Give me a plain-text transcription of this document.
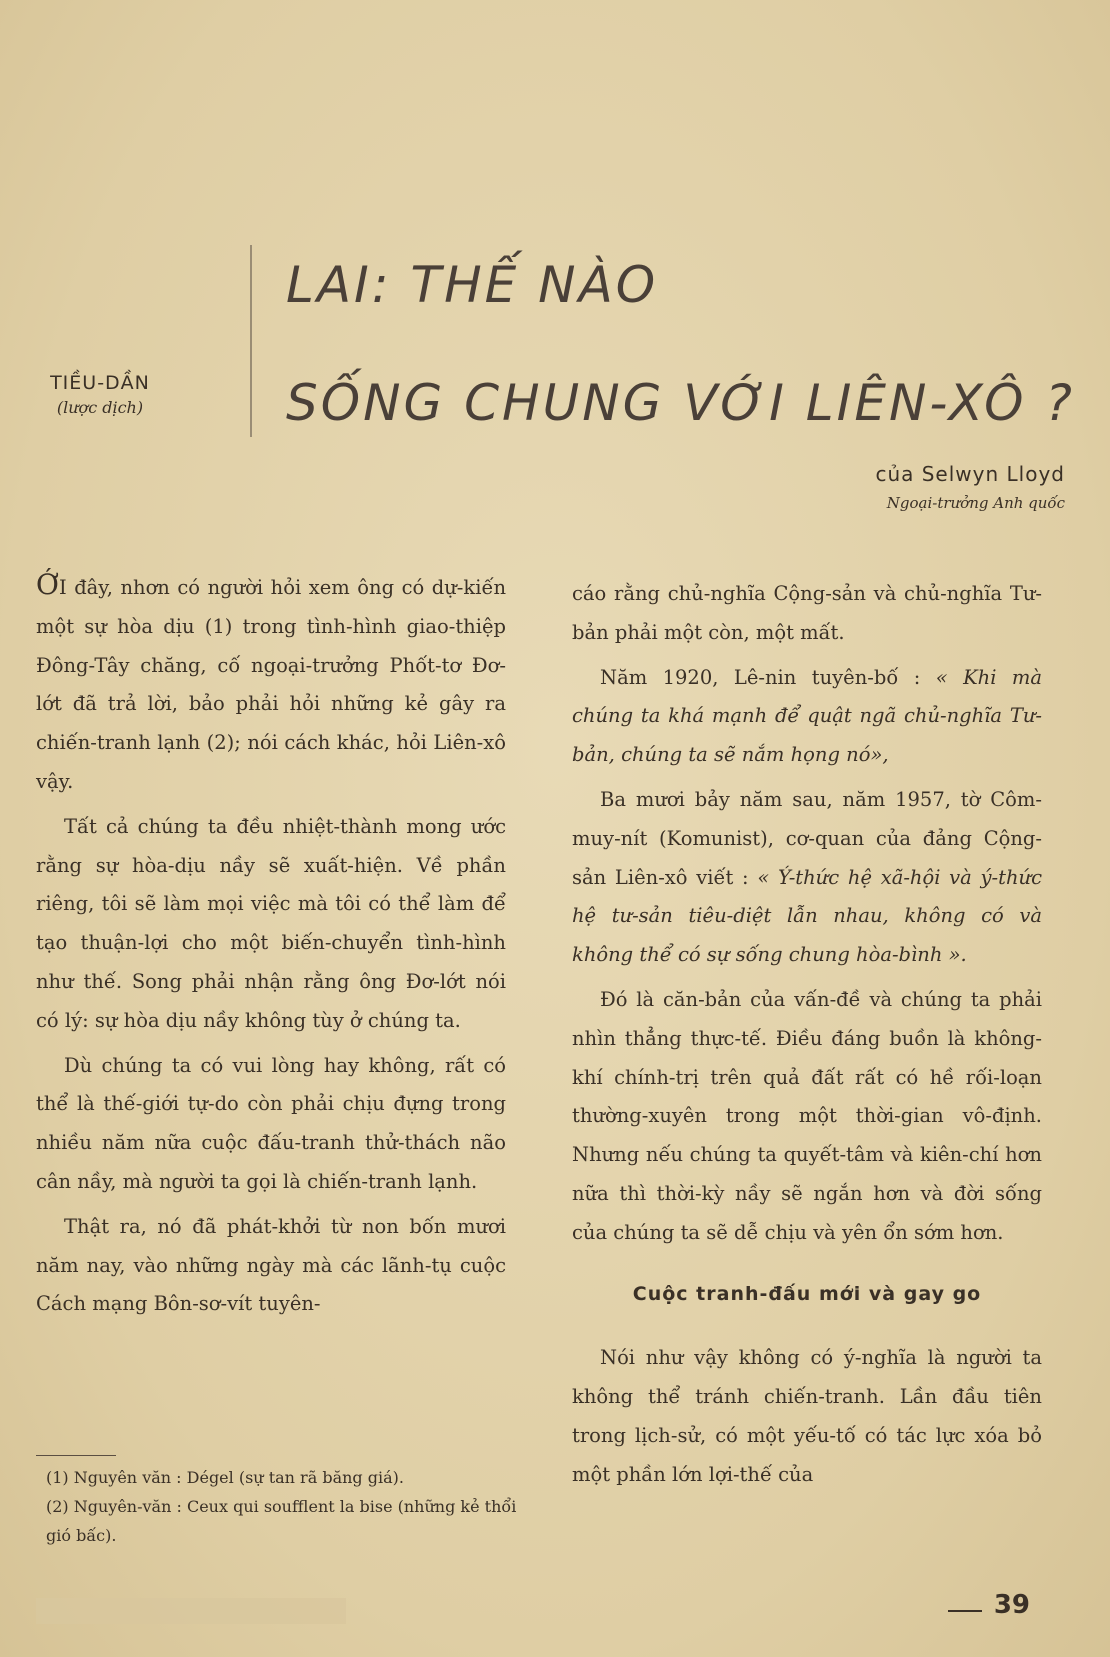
TIỀU-DẦN
(lược dịch)
LAI: THẾ NÀO
SỐNG CHUNG VỚI LIÊN-XÔ ?
của Selwyn Lloyd
Ngoại-trưởng Anh quốc

ỚI đây, nhơn có người hỏi xem ông có dự-kiến một sự hòa dịu (1) trong tình-hình giao-thiệp Đông-Tây chăng, cố ngoại-trưởng Phốt-tơ Đơ-lớt đã trả lời, bảo phải hỏi những kẻ gây ra chiến-tranh lạnh (2); nói cách khác, hỏi Liên-xô vậy.

Tất cả chúng ta đều nhiệt-thành mong ước rằng sự hòa-dịu nầy sẽ xuất-hiện. Về phần riêng, tôi sẽ làm mọi việc mà tôi có thể làm để tạo thuận-lợi cho một biến-chuyển tình-hình như thế. Song phải nhận rằng ông Đơ-lớt nói có lý: sự hòa dịu nầy không tùy ở chúng ta.

Dù chúng ta có vui lòng hay không, rất có thể là thế-giới tự-do còn phải chịu đựng trong nhiều năm nữa cuộc đấu-tranh thử-thách não cân nầy, mà người ta gọi là chiến-tranh lạnh.

Thật ra, nó đã phát-khởi từ non bốn mươi năm nay, vào những ngày mà các lãnh-tụ cuộc Cách mạng Bôn-sơ-vít tuyên-

(1) Nguyên văn : Dégel (sự tan rã băng giá).
(2) Nguyên-văn : Ceux qui soufflent la bise (những kẻ thổi gió bấc).

cáo rằng chủ-nghĩa Cộng-sản và chủ-nghĩa Tư-bản phải một còn, một mất.

Năm 1920, Lê-nin tuyên-bố : « Khi mà chúng ta khá mạnh để quật ngã chủ-nghĩa Tư-bản, chúng ta sẽ nắm họng nó»,

Ba mươi bảy năm sau, năm 1957, tờ Côm-muy-nít (Komunist), cơ-quan của đảng Cộng-sản Liên-xô viết : « Ý-thức hệ xã-hội và ý-thức hệ tư-sản tiêu-diệt lẫn nhau, không có và không thể có sự sống chung hòa-bình ».

Đó là căn-bản của vấn-đề và chúng ta phải nhìn thẳng thực-tế. Điều đáng buồn là không-khí chính-trị trên quả đất rất có hề rối-loạn thường-xuyên trong một thời-gian vô-định. Nhưng nếu chúng ta quyết-tâm và kiên-chí hơn nữa thì thời-kỳ nầy sẽ ngắn hơn và đời sống của chúng ta sẽ dễ chịu và yên ổn sớm hơn.

Cuộc tranh-đấu mới và gay go

Nói như vậy không có ý-nghĩa là người ta không thể tránh chiến-tranh. Lần đầu tiên trong lịch-sử, có một yếu-tố có tác lực xóa bỏ một phần lớn lợi-thế của

39
